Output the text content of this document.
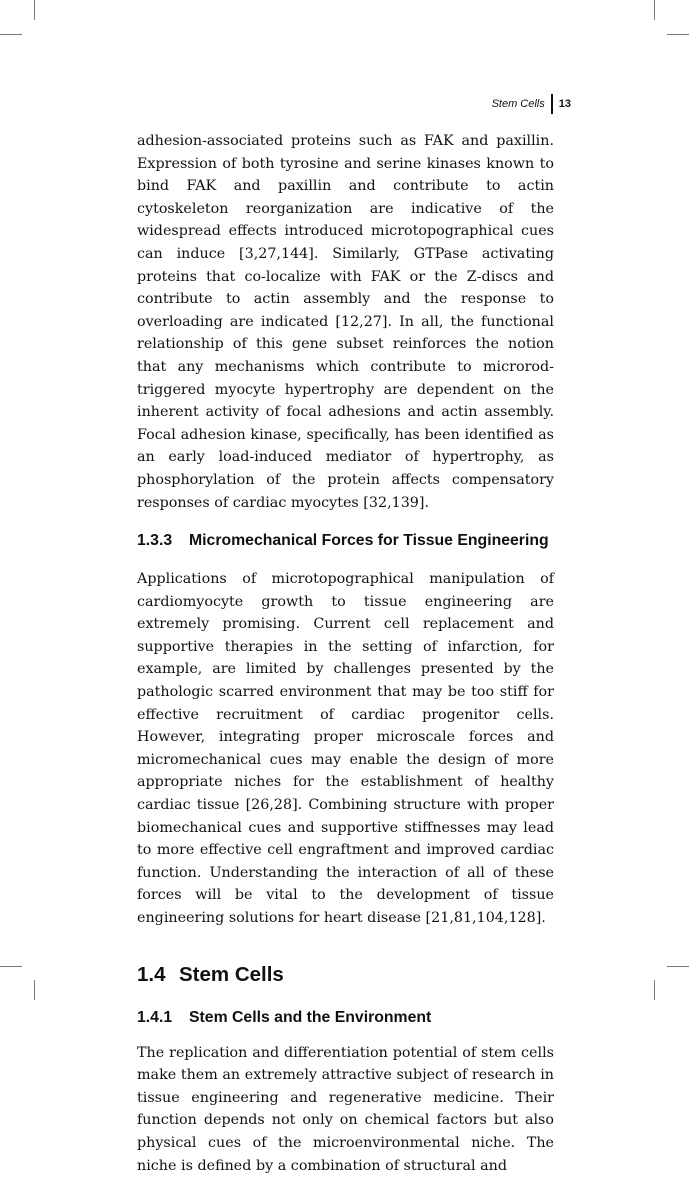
Stem Cells 13

adhesion-associated proteins such as FAK and paxillin. Expression of both tyrosine and serine kinases known to bind FAK and paxillin and contribute to actin cytoskeleton reorganization are indicative of the widespread effects introduced microtopographical cues can induce [3,27,144]. Similarly, GTPase activating proteins that co-localize with FAK or the Z-discs and contribute to actin assembly and the response to overloading are indicated [12,27]. In all, the functional relationship of this gene subset reinforces the notion that any mechanisms which contribute to microrod-triggered myocyte hypertrophy are dependent on the inherent activity of focal adhesions and actin assembly. Focal adhesion kinase, specifically, has been identified as an early load-induced mediator of hypertrophy, as phosphorylation of the protein affects compensatory responses of cardiac myocytes [32,139].

1.3.3 Micromechanical Forces for Tissue Engineering

Applications of microtopographical manipulation of cardiomyocyte growth to tissue engineering are extremely promising. Current cell replacement and supportive therapies in the setting of infarction, for example, are limited by challenges presented by the pathologic scarred environment that may be too stiff for effective recruitment of cardiac progenitor cells. However, integrating proper microscale forces and micromechanical cues may enable the design of more appropriate niches for the establishment of healthy cardiac tissue [26,28]. Combining structure with proper biomechanical cues and supportive stiffnesses may lead to more effective cell engraftment and improved cardiac function. Understanding the interaction of all of these forces will be vital to the development of tissue engineering solutions for heart disease [21,81,104,128].

1.4 Stem Cells
1.4.1 Stem Cells and the Environment

The replication and differentiation potential of stem cells make them an extremely attractive subject of research in tissue engineering and regenerative medicine. Their function depends not only on chemical factors but also physical cues of the microenvironmental niche. The niche is defined by a combination of structural and
